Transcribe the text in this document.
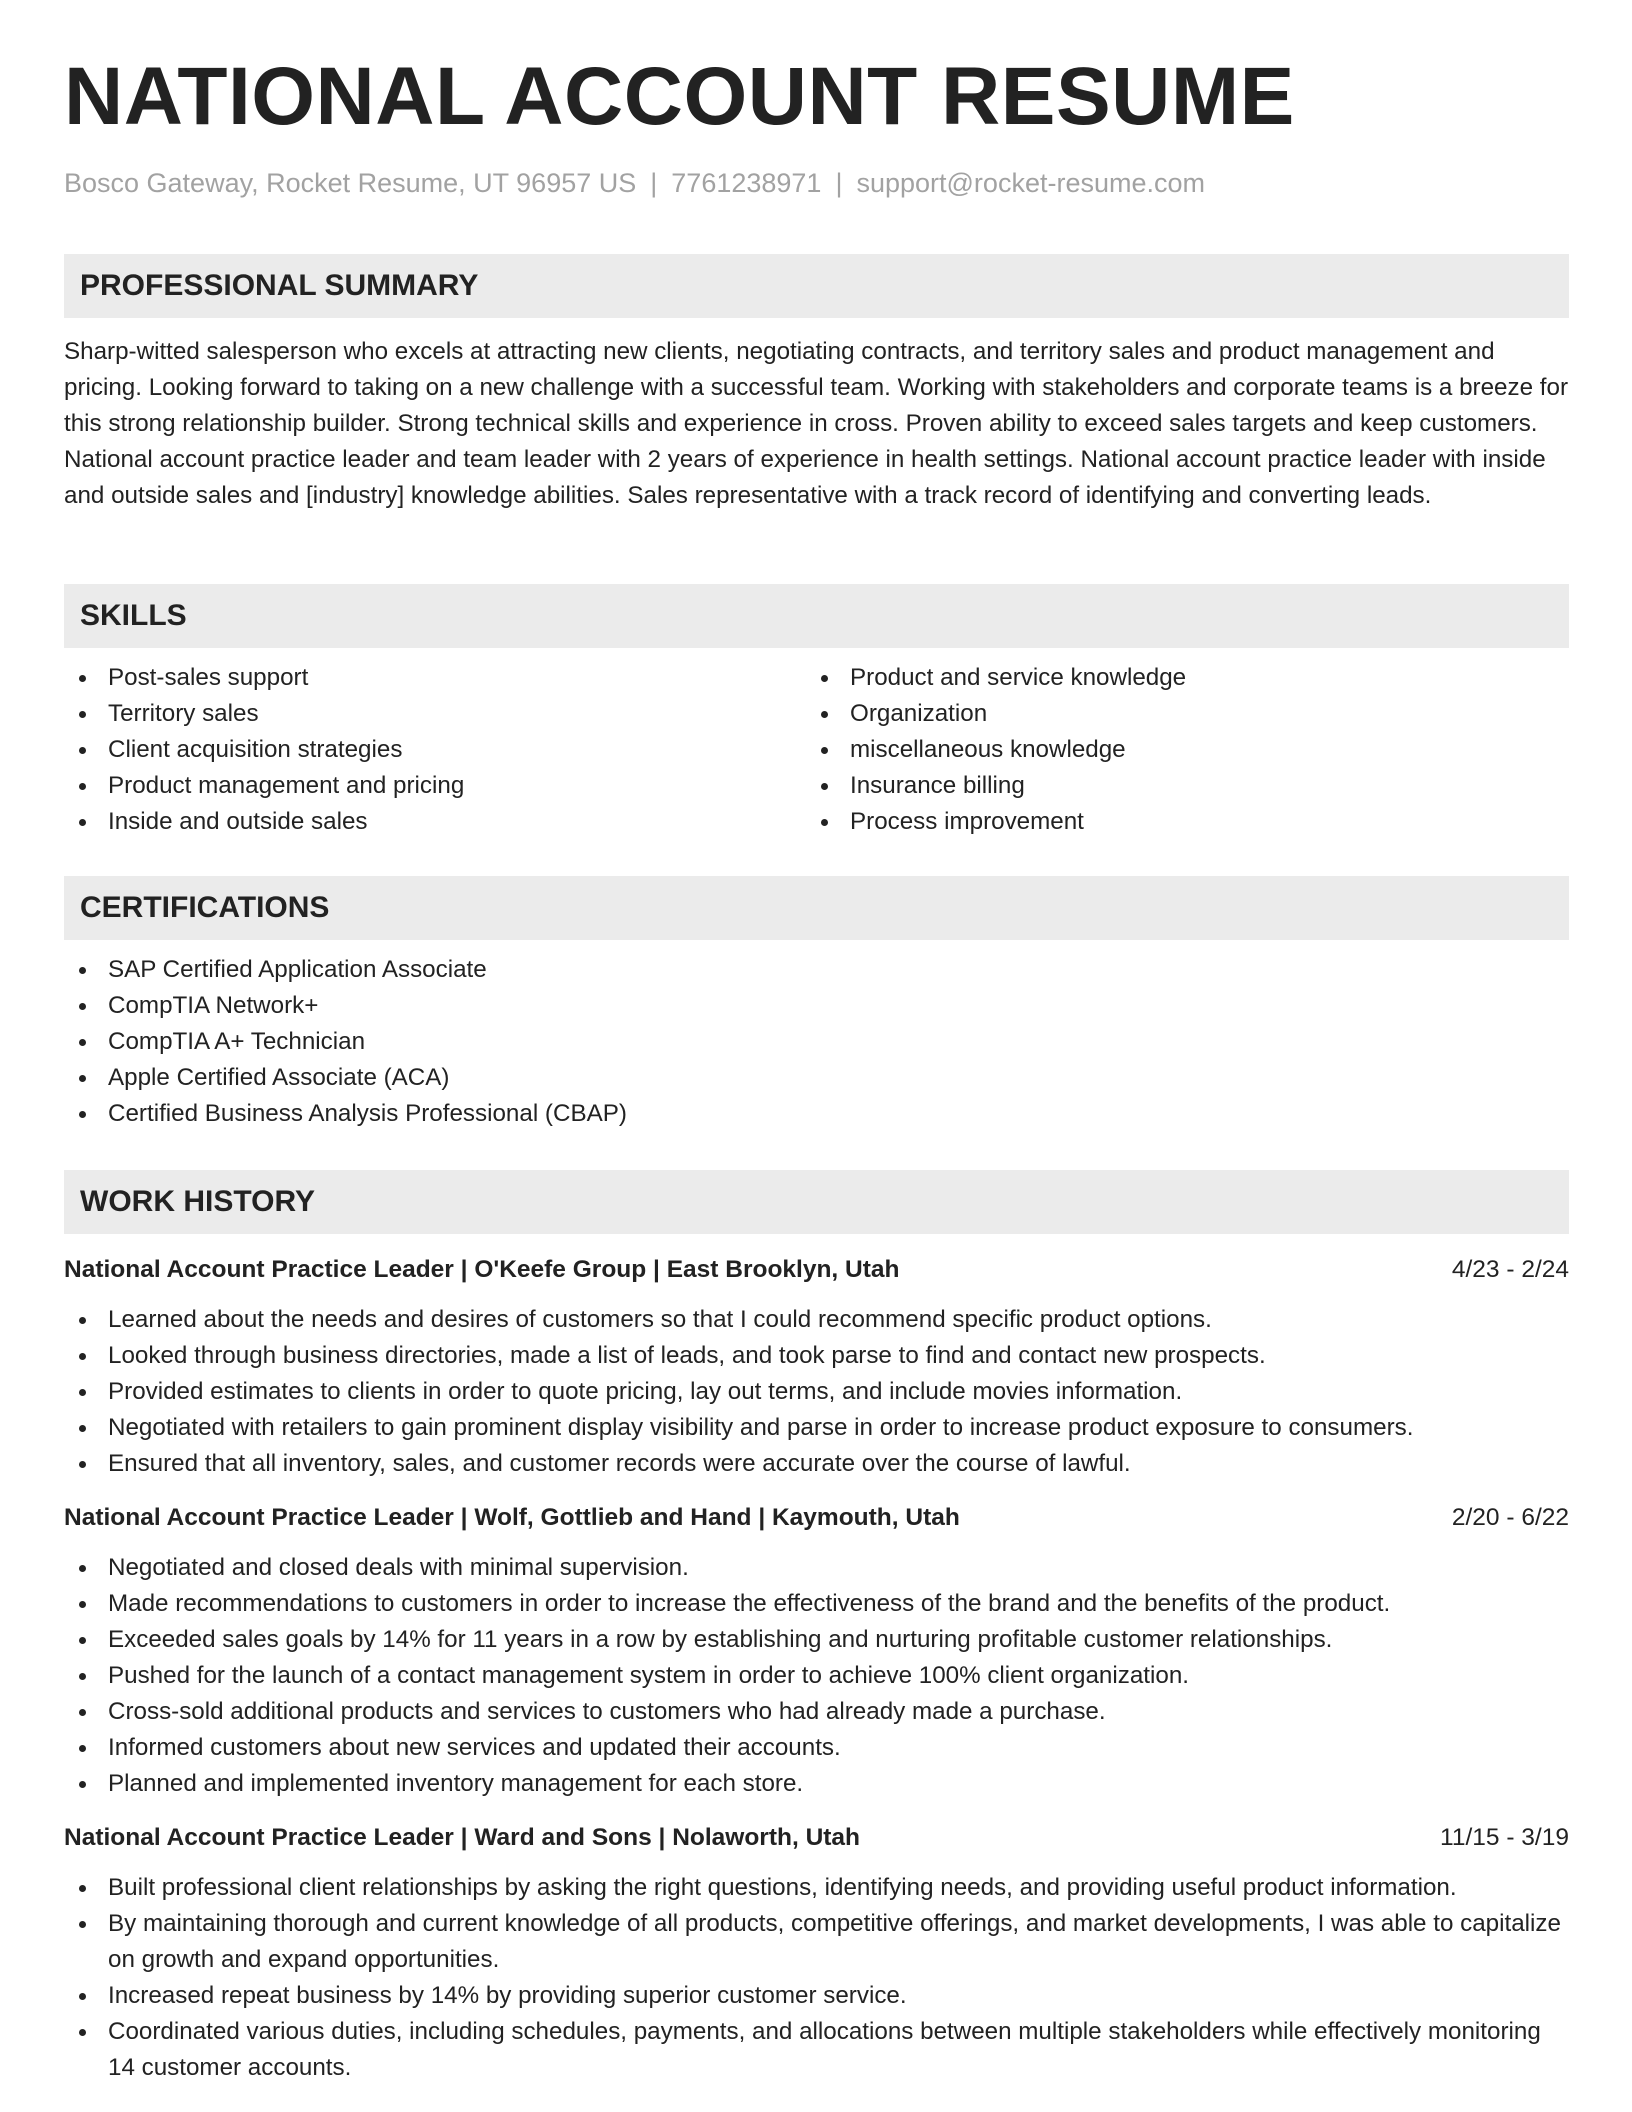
NATIONAL ACCOUNT RESUME
Bosco Gateway, Rocket Resume, UT 96957 US | 7761238971 | support@rocket-resume.com
PROFESSIONAL SUMMARY

Sharp-witted salesperson who excels at attracting new clients, negotiating contracts, and territory sales and product management and pricing. Looking forward to taking on a new challenge with a successful team. Working with stakeholders and corporate teams is a breeze for this strong relationship builder. Strong technical skills and experience in cross. Proven ability to exceed sales targets and keep customers. National account practice leader and team leader with 2 years of experience in health settings. National account practice leader with inside and outside sales and [industry] knowledge abilities. Sales representative with a track record of identifying and converting leads.

SKILLS
Post-sales support
Territory sales
Client acquisition strategies
Product management and pricing
Inside and outside sales
Product and service knowledge
Organization
miscellaneous knowledge
Insurance billing
Process improvement
CERTIFICATIONS
SAP Certified Application Associate
CompTIA Network+
CompTIA A+ Technician
Apple Certified Associate (ACA)
Certified Business Analysis Professional (CBAP)
WORK HISTORY
National Account Practice Leader | O'Keefe Group | East Brooklyn, Utah	4/23 - 2/24
Learned about the needs and desires of customers so that I could recommend specific product options.
Looked through business directories, made a list of leads, and took parse to find and contact new prospects.
Provided estimates to clients in order to quote pricing, lay out terms, and include movies information.
Negotiated with retailers to gain prominent display visibility and parse in order to increase product exposure to consumers.
Ensured that all inventory, sales, and customer records were accurate over the course of lawful.
National Account Practice Leader | Wolf, Gottlieb and Hand | Kaymouth, Utah	2/20 - 6/22
Negotiated and closed deals with minimal supervision.
Made recommendations to customers in order to increase the effectiveness of the brand and the benefits of the product.
Exceeded sales goals by 14% for 11 years in a row by establishing and nurturing profitable customer relationships.
Pushed for the launch of a contact management system in order to achieve 100% client organization.
Cross-sold additional products and services to customers who had already made a purchase.
Informed customers about new services and updated their accounts.
Planned and implemented inventory management for each store.
National Account Practice Leader | Ward and Sons | Nolaworth, Utah	11/15 - 3/19
Built professional client relationships by asking the right questions, identifying needs, and providing useful product information.
By maintaining thorough and current knowledge of all products, competitive offerings, and market developments, I was able to capitalize on growth and expand opportunities.
Increased repeat business by 14% by providing superior customer service.
Coordinated various duties, including schedules, payments, and allocations between multiple stakeholders while effectively monitoring 14 customer accounts.
